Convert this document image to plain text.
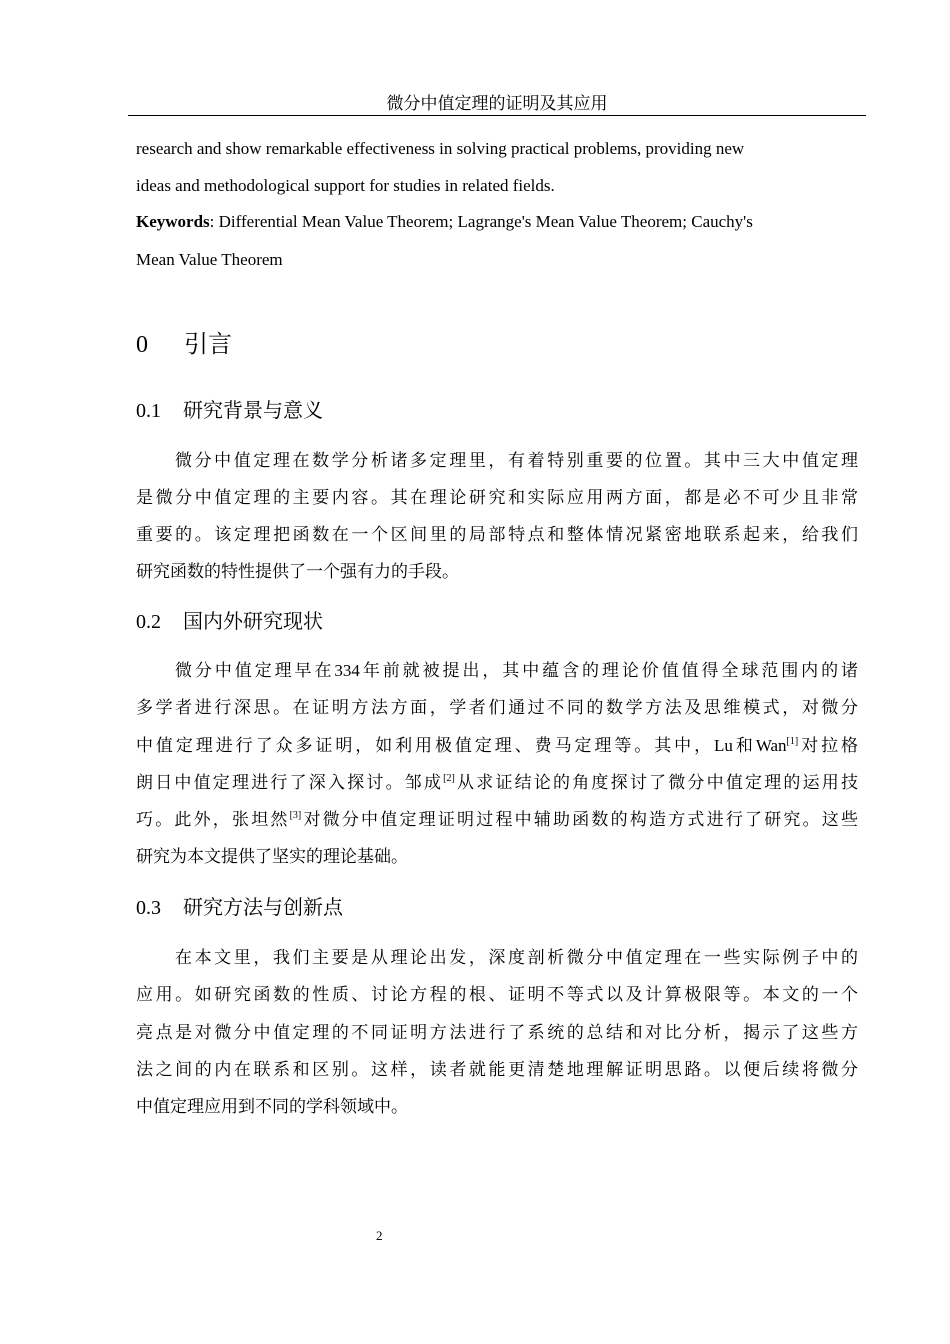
微分中值定理的证明及其应用
research and show remarkable effectiveness in solving practical problems, providing new
ideas and methodological support for studies in related fields.
Keywords: Differential Mean Value Theorem; Lagrange's Mean Value Theorem; Cauchy's
Mean Value Theorem
0 引言
0.1 研究背景与意义
微分中值定理在数学分析诸多定理里，有着特别重要的位置。其中三大中值定理
是微分中值定理的主要内容。其在理论研究和实际应用两方面，都是必不可少且非常
重要的。该定理把函数在一个区间里的局部特点和整体情况紧密地联系起来，给我们
研究函数的特性提供了一个强有力的手段。
0.2 国内外研究现状
微分中值定理早在334年前就被提出，其中蕴含的理论价值值得全球范围内的诸
多学者进行深思。在证明方法方面，学者们通过不同的数学方法及思维模式，对微分
中值定理进行了众多证明，如利用极值定理、费马定理等。其中，Lu和Wan[1]对拉格
朗日中值定理进行了深入探讨。邹成[2]从求证结论的角度探讨了微分中值定理的运用技
巧。此外，张坦然[3]对微分中值定理证明过程中辅助函数的构造方式进行了研究。这些
研究为本文提供了坚实的理论基础。
0.3 研究方法与创新点
在本文里，我们主要是从理论出发，深度剖析微分中值定理在一些实际例子中的
应用。如研究函数的性质、讨论方程的根、证明不等式以及计算极限等。本文的一个
亮点是对微分中值定理的不同证明方法进行了系统的总结和对比分析，揭示了这些方
法之间的内在联系和区别。这样，读者就能更清楚地理解证明思路。以便后续将微分
中值定理应用到不同的学科领域中。
2
